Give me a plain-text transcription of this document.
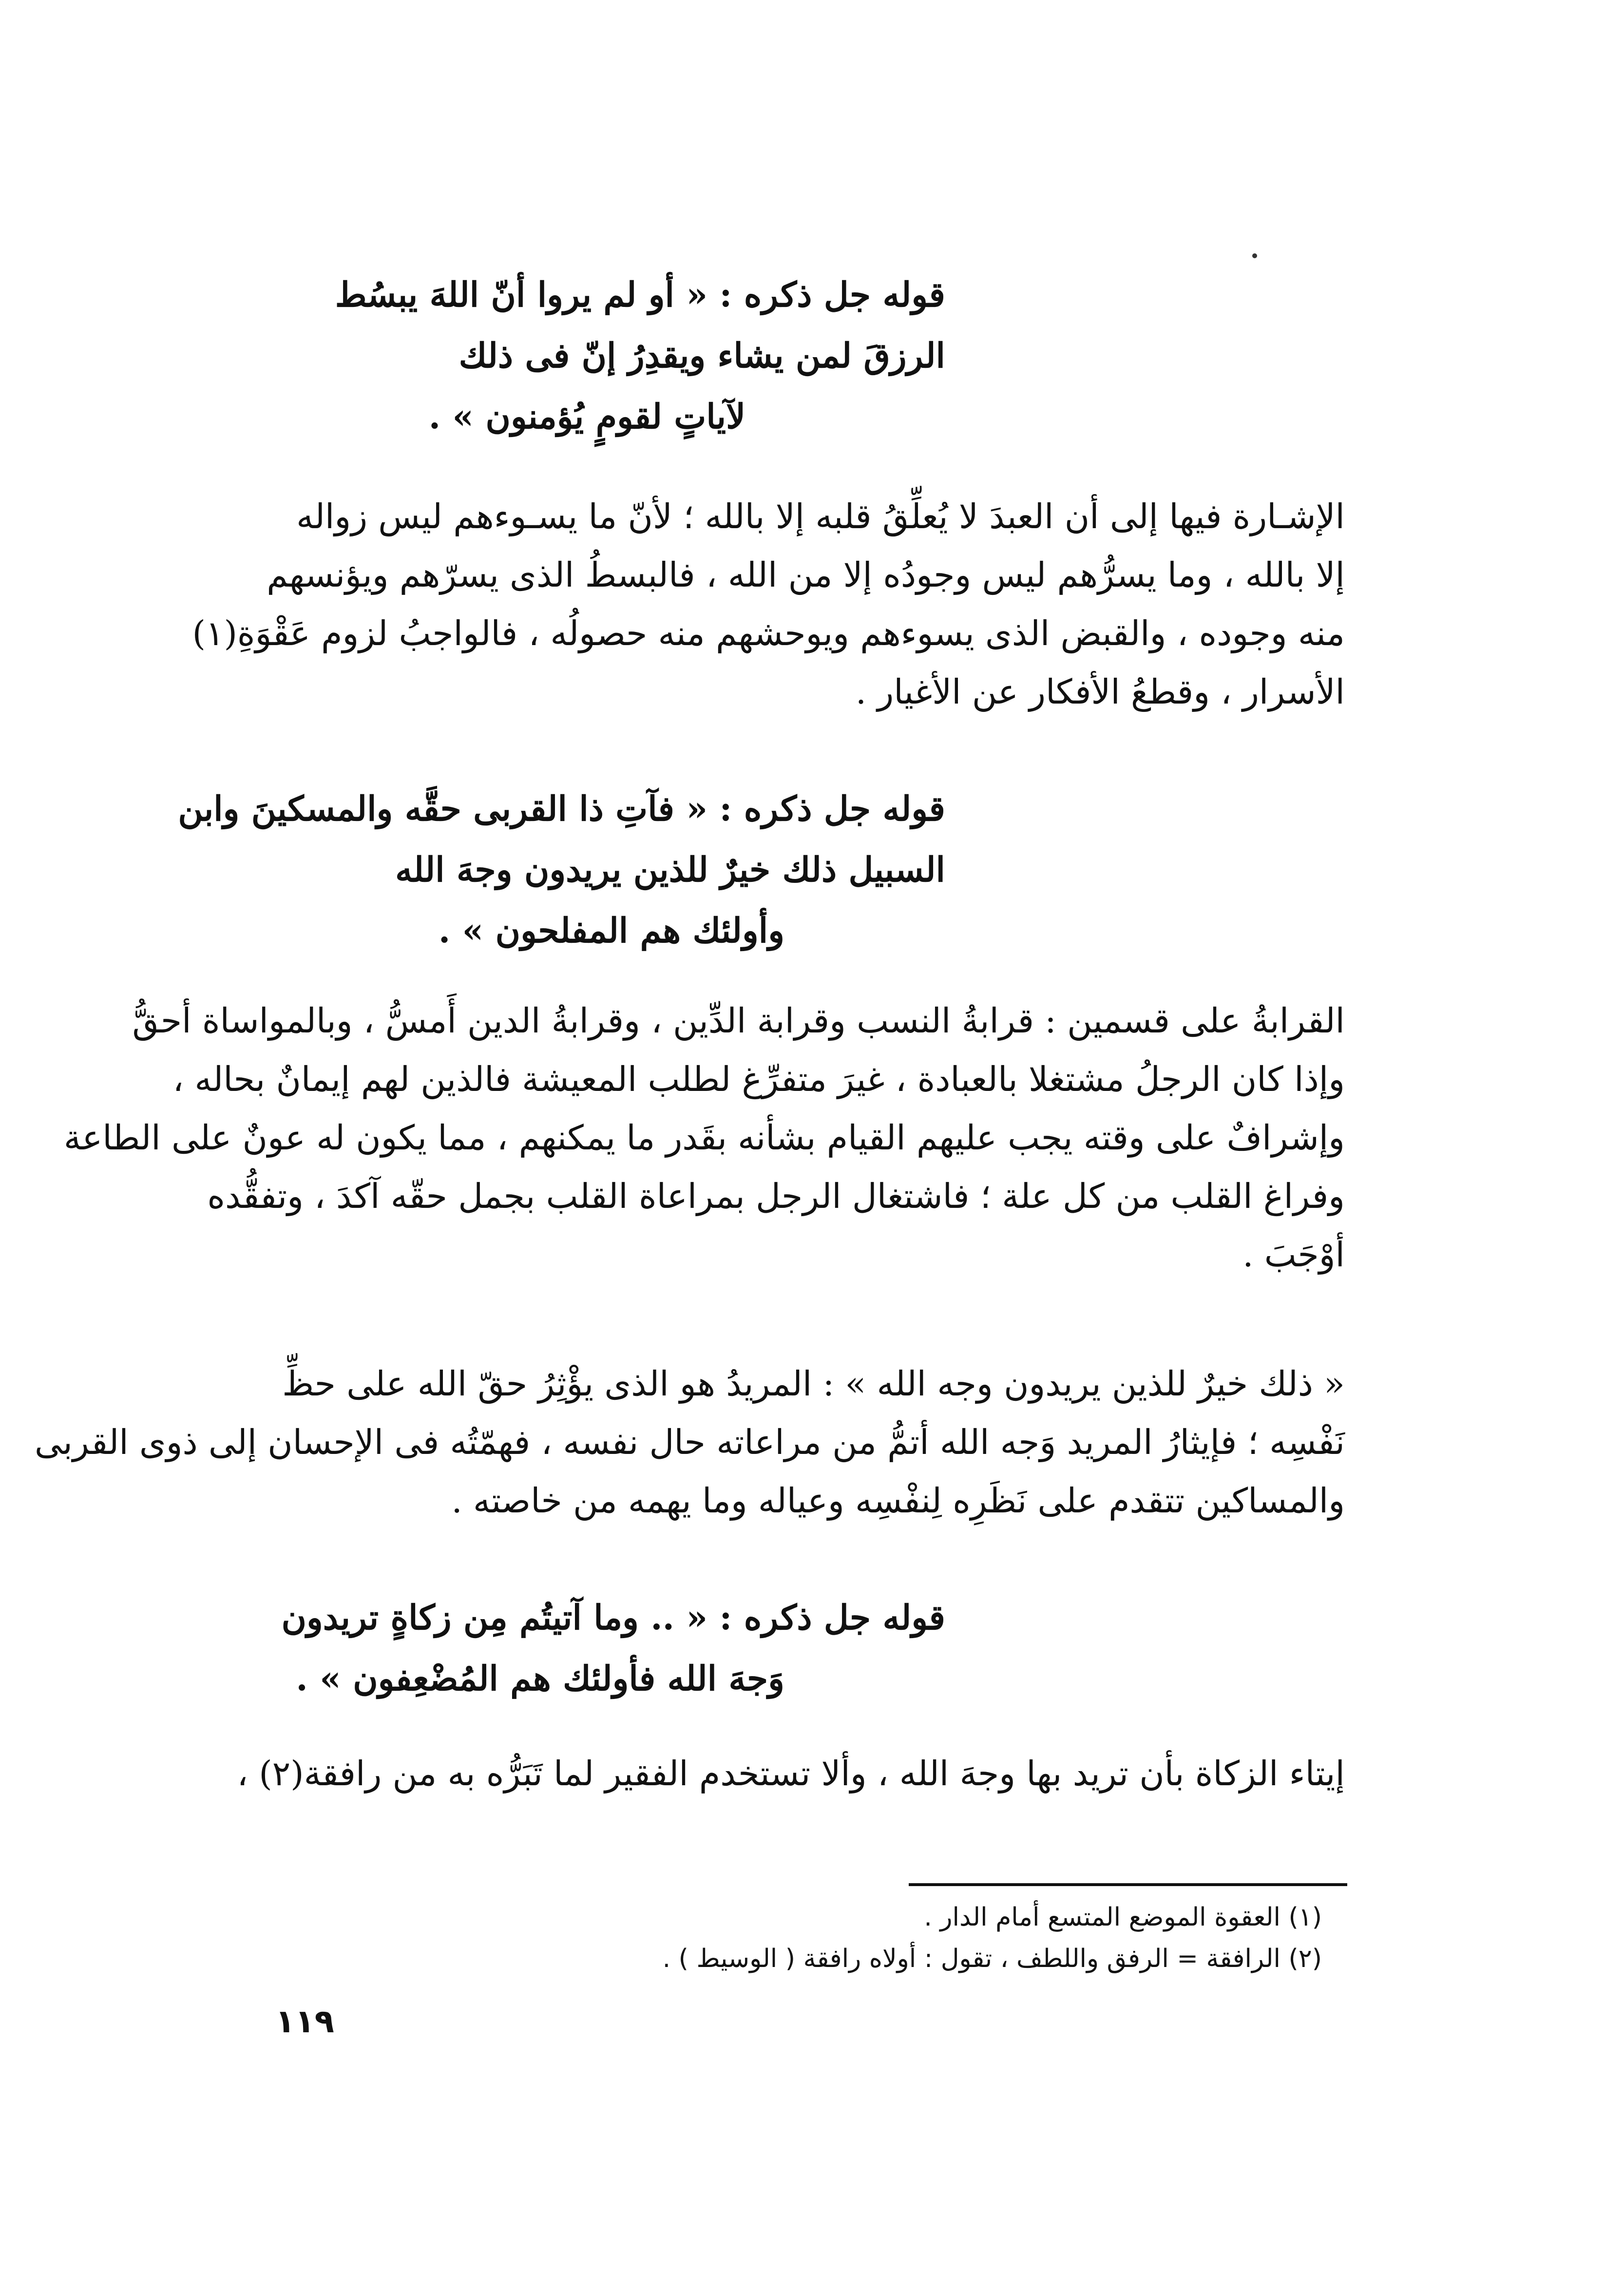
قوله جل ذكره : « أو لم يروا أنّ اللهَ يبسُط
الرزقَ لمن يشاء ويقدِرُ إنّ فى ذلك
لآياتٍ لقومٍ يُؤمنون » .
الإشـارة فيها إلى أن العبدَ لا يُعلِّقُ قلبه إلا بالله ؛ لأنّ ما يسـوءهم ليس زواله
إلا بالله ، وما يسرُّهم ليس وجودُه إلا من الله ، فالبسطُ الذى يسرّهم ويؤنسهم
منه وجوده ، والقبض الذى يسوءهم ويوحشهم منه حصولُه ، فالواجبُ لزوم عَقْوَةِ(١)
الأسرار ، وقطعُ الأفكار عن الأغيار .
قوله جل ذكره : « فآتِ ذا القربى حقَّه والمسكينَ وابن
السبيل ذلك خيرٌ للذين يريدون وجهَ الله
وأولئك هم المفلحون » .
القرابةُ على قسمين : قرابةُ النسب وقرابة الدِّين ، وقرابةُ الدين أَمسُّ ، وبالمواساة أحقُّ
وإذا كان الرجلُ مشتغلا بالعبادة ، غيرَ متفرِّغ لطلب المعيشة فالذين لهم إيمانٌ بحاله ،
وإشرافٌ على وقته يجب عليهم القيام بشأنه بقَدر ما يمكنهم ، مما يكون له عونٌ على الطاعة
وفراغ القلب من كل علة ؛ فاشتغال الرجل بمراعاة القلب بجمل حقّه آكدَ ، وتفقُّده
أوْجَبَ .
« ذلك خيرٌ للذين يريدون وجه الله » : المريدُ هو الذى يؤْثِرُ حقّ الله على حظِّ
نَفْسِه ؛ فإيثارُ المريد وَجه الله أتمُّ من مراعاته حال نفسه ، فهمّتُه فى الإحسان إلى ذوى القربى
والمساكين تتقدم على نَظَرِه لِنفْسِه وعياله وما يهمه من خاصته .
قوله جل ذكره : « .. وما آتيتُم مِن زكاةٍ تريدون
وَجهَ الله فأولئك هم المُضْعِفون » .
إيتاء الزكاة بأن تريد بها وجهَ الله ، وألا تستخدم الفقير لما تَبَرُّه به من رافقة(٢) ،
(١) العقوة الموضع المتسع أمام الدار .
(٢) الرافقة = الرفق واللطف ، تقول : أولاه رافقة ( الوسيط ) .
١١٩
